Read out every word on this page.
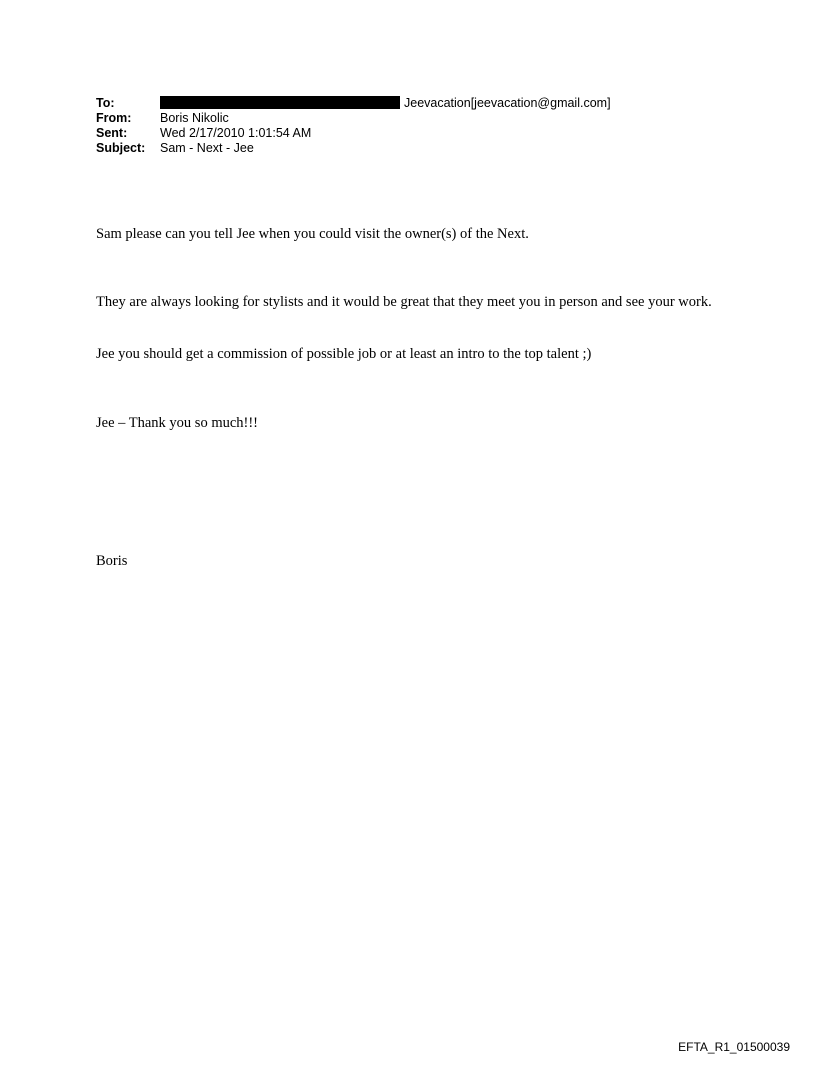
To:	Jeevacation[jeevacation@gmail.com]
From:	Boris Nikolic
Sent:	Wed 2/17/2010 1:01:54 AM
Subject:	Sam - Next - Jee

Sam please can you tell Jee when you could visit the owner(s) of the Next.

They are always looking for stylists and it would be great that they meet you in person and see your work.

Jee you should get a commission of possible job or at least an intro to the top talent ;)

Jee – Thank you so much!!!

Boris

EFTA_R1_01500039
